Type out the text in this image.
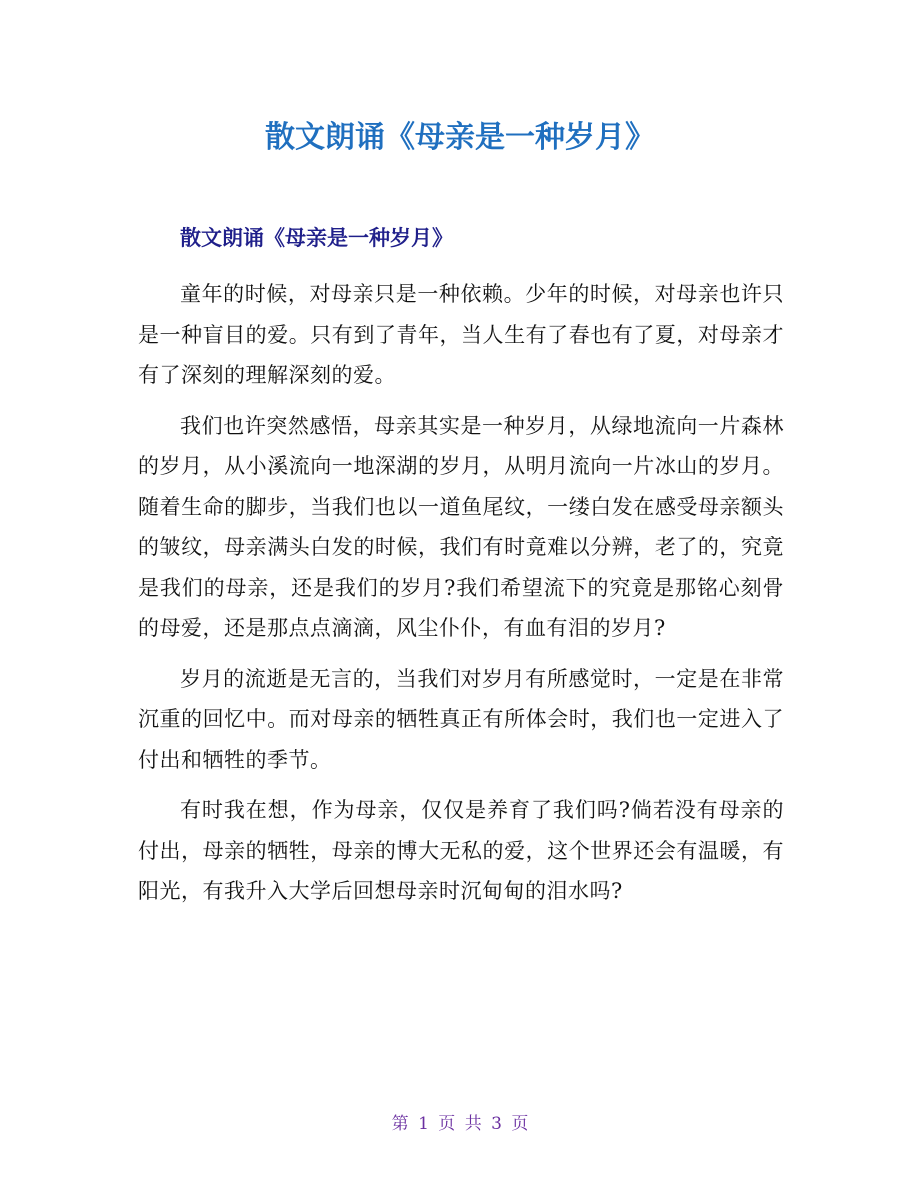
散文朗诵《母亲是一种岁月》
散文朗诵《母亲是一种岁月》

童年的时候，对母亲只是一种依赖。少年的时候，对母亲也许只是一种盲目的爱。只有到了青年，当人生有了春也有了夏，对母亲才有了深刻的理解深刻的爱。

我们也许突然感悟，母亲其实是一种岁月，从绿地流向一片森林的岁月，从小溪流向一地深湖的岁月，从明月流向一片冰山的岁月。随着生命的脚步，当我们也以一道鱼尾纹，一缕白发在感受母亲额头的皱纹，母亲满头白发的时候，我们有时竟难以分辨，老了的，究竟是我们的母亲，还是我们的岁月?我们希望流下的究竟是那铭心刻骨的母爱，还是那点点滴滴，风尘仆仆，有血有泪的岁月?

岁月的流逝是无言的，当我们对岁月有所感觉时，一定是在非常沉重的回忆中。而对母亲的牺牲真正有所体会时，我们也一定进入了付出和牺牲的季节。

有时我在想，作为母亲，仅仅是养育了我们吗?倘若没有母亲的付出，母亲的牺牲，母亲的博大无私的爱，这个世界还会有温暖，有阳光，有我升入大学后回想母亲时沉甸甸的泪水吗?

第 1 页 共 3 页
